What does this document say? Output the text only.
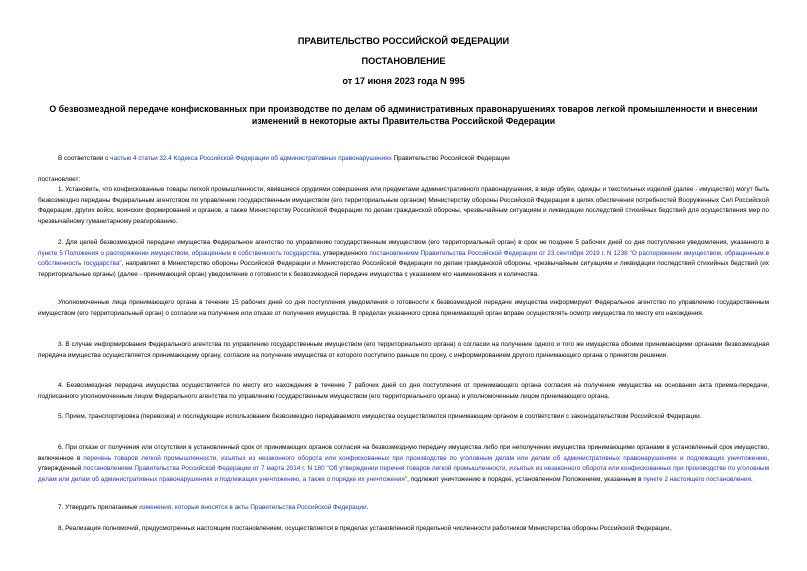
ПРАВИТЕЛЬСТВО РОССИЙСКОЙ ФЕДЕРАЦИИ
ПОСТАНОВЛЕНИЕ
от 17 июня 2023 года N 995
О безвозмездной передаче конфискованных при производстве по делам об административных правонарушениях товаров легкой промышленности и внесении изменений в некоторые акты Правительства Российской Федерации
В соответствии с частью 4 статьи 32.4 Кодекса Российской Федерации об административных правонарушениях Правительство Российской Федерации
постановляет:
1. Установить, что конфискованные товары легкой промышленности, явившиеся орудиями совершения или предметами административного правонарушения, в виде обуви, одежды и текстильных изделий (далее - имущество) могут быть безвозмездно переданы Федеральным агентством по управлению государственным имуществом (его территориальным органом) Министерству обороны Российской Федерации в целях обеспечения потребностей Вооруженных Сил Российской Федерации, других войск, воинских формирований и органов, а также Министерству Российской Федерации по делам гражданской обороны, чрезвычайным ситуациям и ликвидации последствий стихийных бедствий для осуществления мер по чрезвычайному гуманитарному реагированию.
2. Для целей безвозмездной передачи имущества Федеральное агентство по управлению государственным имуществом (его территориальный орган) в срок не позднее 5 рабочих дней со дня поступления уведомления, указанного в пункте 5 Положения о распоряжении имуществом, обращенным в собственность государства, утвержденного постановлением Правительства Российской Федерации от 23 сентября 2019 г. N 1238 "О распоряжении имуществом, обращенным в собственность государства", направляет в Министерство обороны Российской Федерации и Министерство Российской Федерации по делам гражданской обороны, чрезвычайным ситуациям и ликвидации последствий стихийных бедствий (их территориальные органы) (далее - принимающий орган) уведомление о готовности к безвозмездной передаче имущества с указанием его наименования и количества.
Уполномоченные лица принимающего органа в течение 15 рабочих дней со дня поступления уведомления о готовности к безвозмездной передаче имущества информируют Федеральное агентство по управлению государственным имуществом (его территориальный орган) о согласии на получение или отказе от получения имущества. В пределах указанного срока принимающий орган вправе осуществлять осмотр имущества по месту его нахождения.
3. В случае информирования Федерального агентства по управлению государственным имуществом (его территориального органа) о согласии на получение одного и того же имущества обоими принимающими органами безвозмездная передача имущества осуществляется принимающему органу, согласие на получение имущества от которого поступило раньше по сроку, с информированием другого принимающего органа о принятом решении.
4. Безвозмездная передача имущества осуществляется по месту его нахождения в течение 7 рабочих дней со дня поступления от принимающего органа согласия на получение имущества на основании акта приема-передачи, подписанного уполномоченным лицом Федерального агентства по управлению государственным имуществом (его территориального органа) и уполномоченным лицом принимающего органа.
5. Прием, транспортировка (перевозка) и последующее использование безвозмездно передаваемого имущества осуществляются принимающим органом в соответствии с законодательством Российской Федерации.
6. При отказе от получения или отсутствии в установленный срок от принимающих органов согласия на безвозмездную передачу имущества либо при неполучении имущества принимающими органами в установленный срок имущество, включенное в перечень товаров легкой промышленности, изъятых из незаконного оборота или конфискованных при производстве по уголовным делам или делам об административных правонарушениях и подлежащих уничтожению, утвержденный постановлением Правительства Российской Федерации от 7 марта 2014 г. N 180 "Об утверждении перечня товаров легкой промышленности, изъятых из незаконного оборота или конфискованных при производстве по уголовным делам или делам об административных правонарушениях и подлежащих уничтожению, а также о порядке их уничтожения", подлежит уничтожению в порядке, установленном Положением, указанным в пункте 2 настоящего постановления.
7. Утвердить прилагаемые изменения, которые вносятся в акты Правительства Российской Федерации.
8. Реализация полномочий, предусмотренных настоящим постановлением, осуществляется в пределах установленной предельной численности работников Министерства обороны Российской Федерации,
